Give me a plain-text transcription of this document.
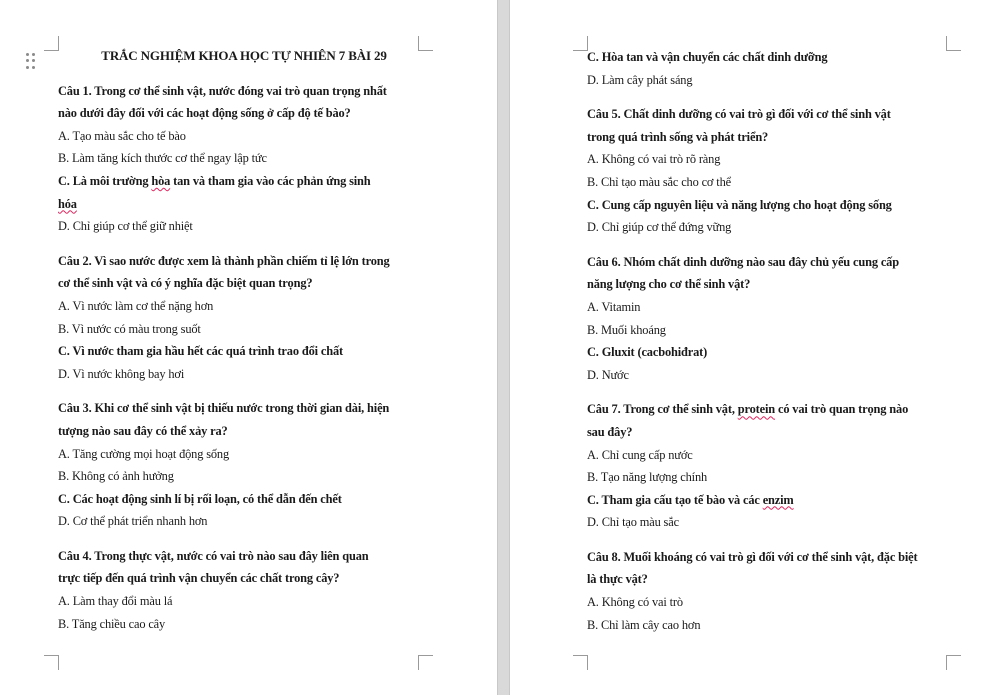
TRẮC NGHIỆM KHOA HỌC TỰ NHIÊN 7 BÀI 29
Câu 1. Trong cơ thể sinh vật, nước đóng vai trò quan trọng nhất
nào dưới đây đối với các hoạt động sống ở cấp độ tế bào?
A. Tạo màu sắc cho tế bào
B. Làm tăng kích thước cơ thể ngay lập tức
C. Là môi trường hòa tan và tham gia vào các phản ứng sinh
hóa
D. Chỉ giúp cơ thể giữ nhiệt
Câu 2. Vì sao nước được xem là thành phần chiếm tỉ lệ lớn trong
cơ thể sinh vật và có ý nghĩa đặc biệt quan trọng?
A. Vì nước làm cơ thể nặng hơn
B. Vì nước có màu trong suốt
C. Vì nước tham gia hầu hết các quá trình trao đổi chất
D. Vì nước không bay hơi
Câu 3. Khi cơ thể sinh vật bị thiếu nước trong thời gian dài, hiện
tượng nào sau đây có thể xảy ra?
A. Tăng cường mọi hoạt động sống
B. Không có ảnh hưởng
C. Các hoạt động sinh lí bị rối loạn, có thể dẫn đến chết
D. Cơ thể phát triển nhanh hơn
Câu 4. Trong thực vật, nước có vai trò nào sau đây liên quan
trực tiếp đến quá trình vận chuyển các chất trong cây?
A. Làm thay đổi màu lá
B. Tăng chiều cao cây
C. Hòa tan và vận chuyển các chất dinh dưỡng
D. Làm cây phát sáng
Câu 5. Chất dinh dưỡng có vai trò gì đối với cơ thể sinh vật
trong quá trình sống và phát triển?
A. Không có vai trò rõ ràng
B. Chỉ tạo màu sắc cho cơ thể
C. Cung cấp nguyên liệu và năng lượng cho hoạt động sống
D. Chỉ giúp cơ thể đứng vững
Câu 6. Nhóm chất dinh dưỡng nào sau đây chủ yếu cung cấp
năng lượng cho cơ thể sinh vật?
A. Vitamin
B. Muối khoáng
C. Gluxit (cacbohiđrat)
D. Nước
Câu 7. Trong cơ thể sinh vật, protein có vai trò quan trọng nào
sau đây?
A. Chỉ cung cấp nước
B. Tạo năng lượng chính
C. Tham gia cấu tạo tế bào và các enzim
D. Chỉ tạo màu sắc
Câu 8. Muối khoáng có vai trò gì đối với cơ thể sinh vật, đặc biệt
là thực vật?
A. Không có vai trò
B. Chỉ làm cây cao hơn
